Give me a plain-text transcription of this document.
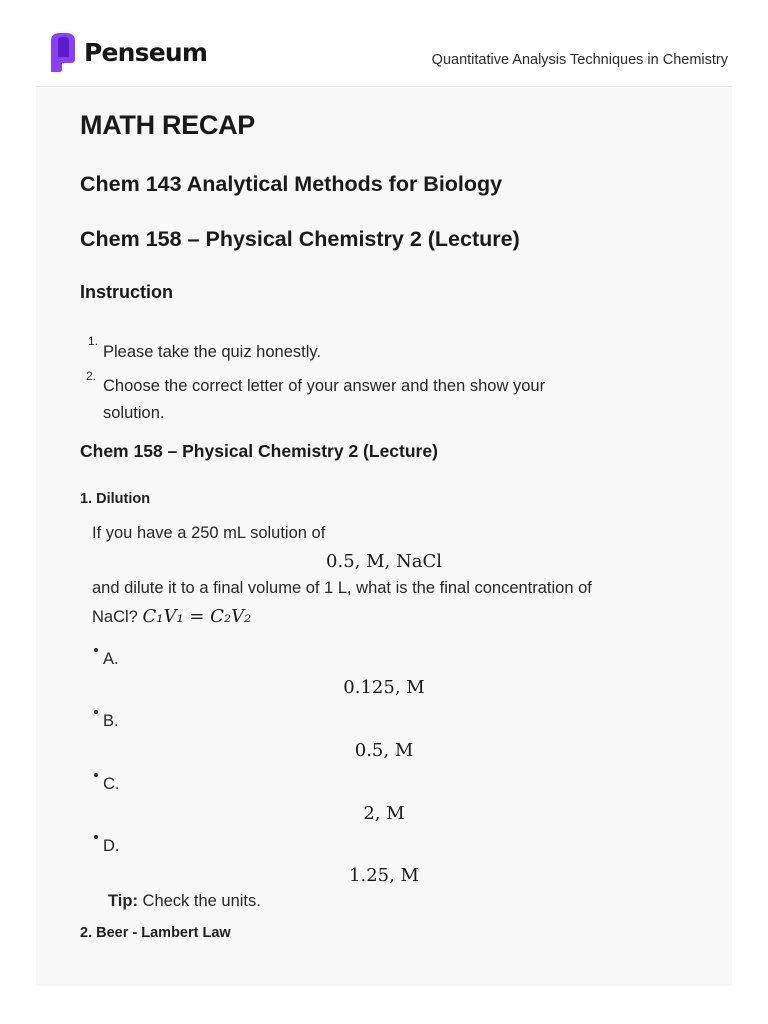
Penseum	Quantitative Analysis Techniques in Chemistry
MATH RECAP
Chem 143 Analytical Methods for Biology
Chem 158 – Physical Chemistry 2 (Lecture)
Instruction
1.
Please take the quiz honestly.
2.
Choose the correct letter of your answer and then show your
solution.
Chem 158 – Physical Chemistry 2 (Lecture)
1. Dilution
If you have a 250 mL solution of
0.5, M, NaCl
and dilute it to a final volume of 1 L, what is the final concentration of
NaCl? C₁V₁ = C₂V₂
A.
0.125, M
B.
0.5, M
C.
2, M
D.
1.25, M
Tip: Check the units.
2. Beer - Lambert Law
